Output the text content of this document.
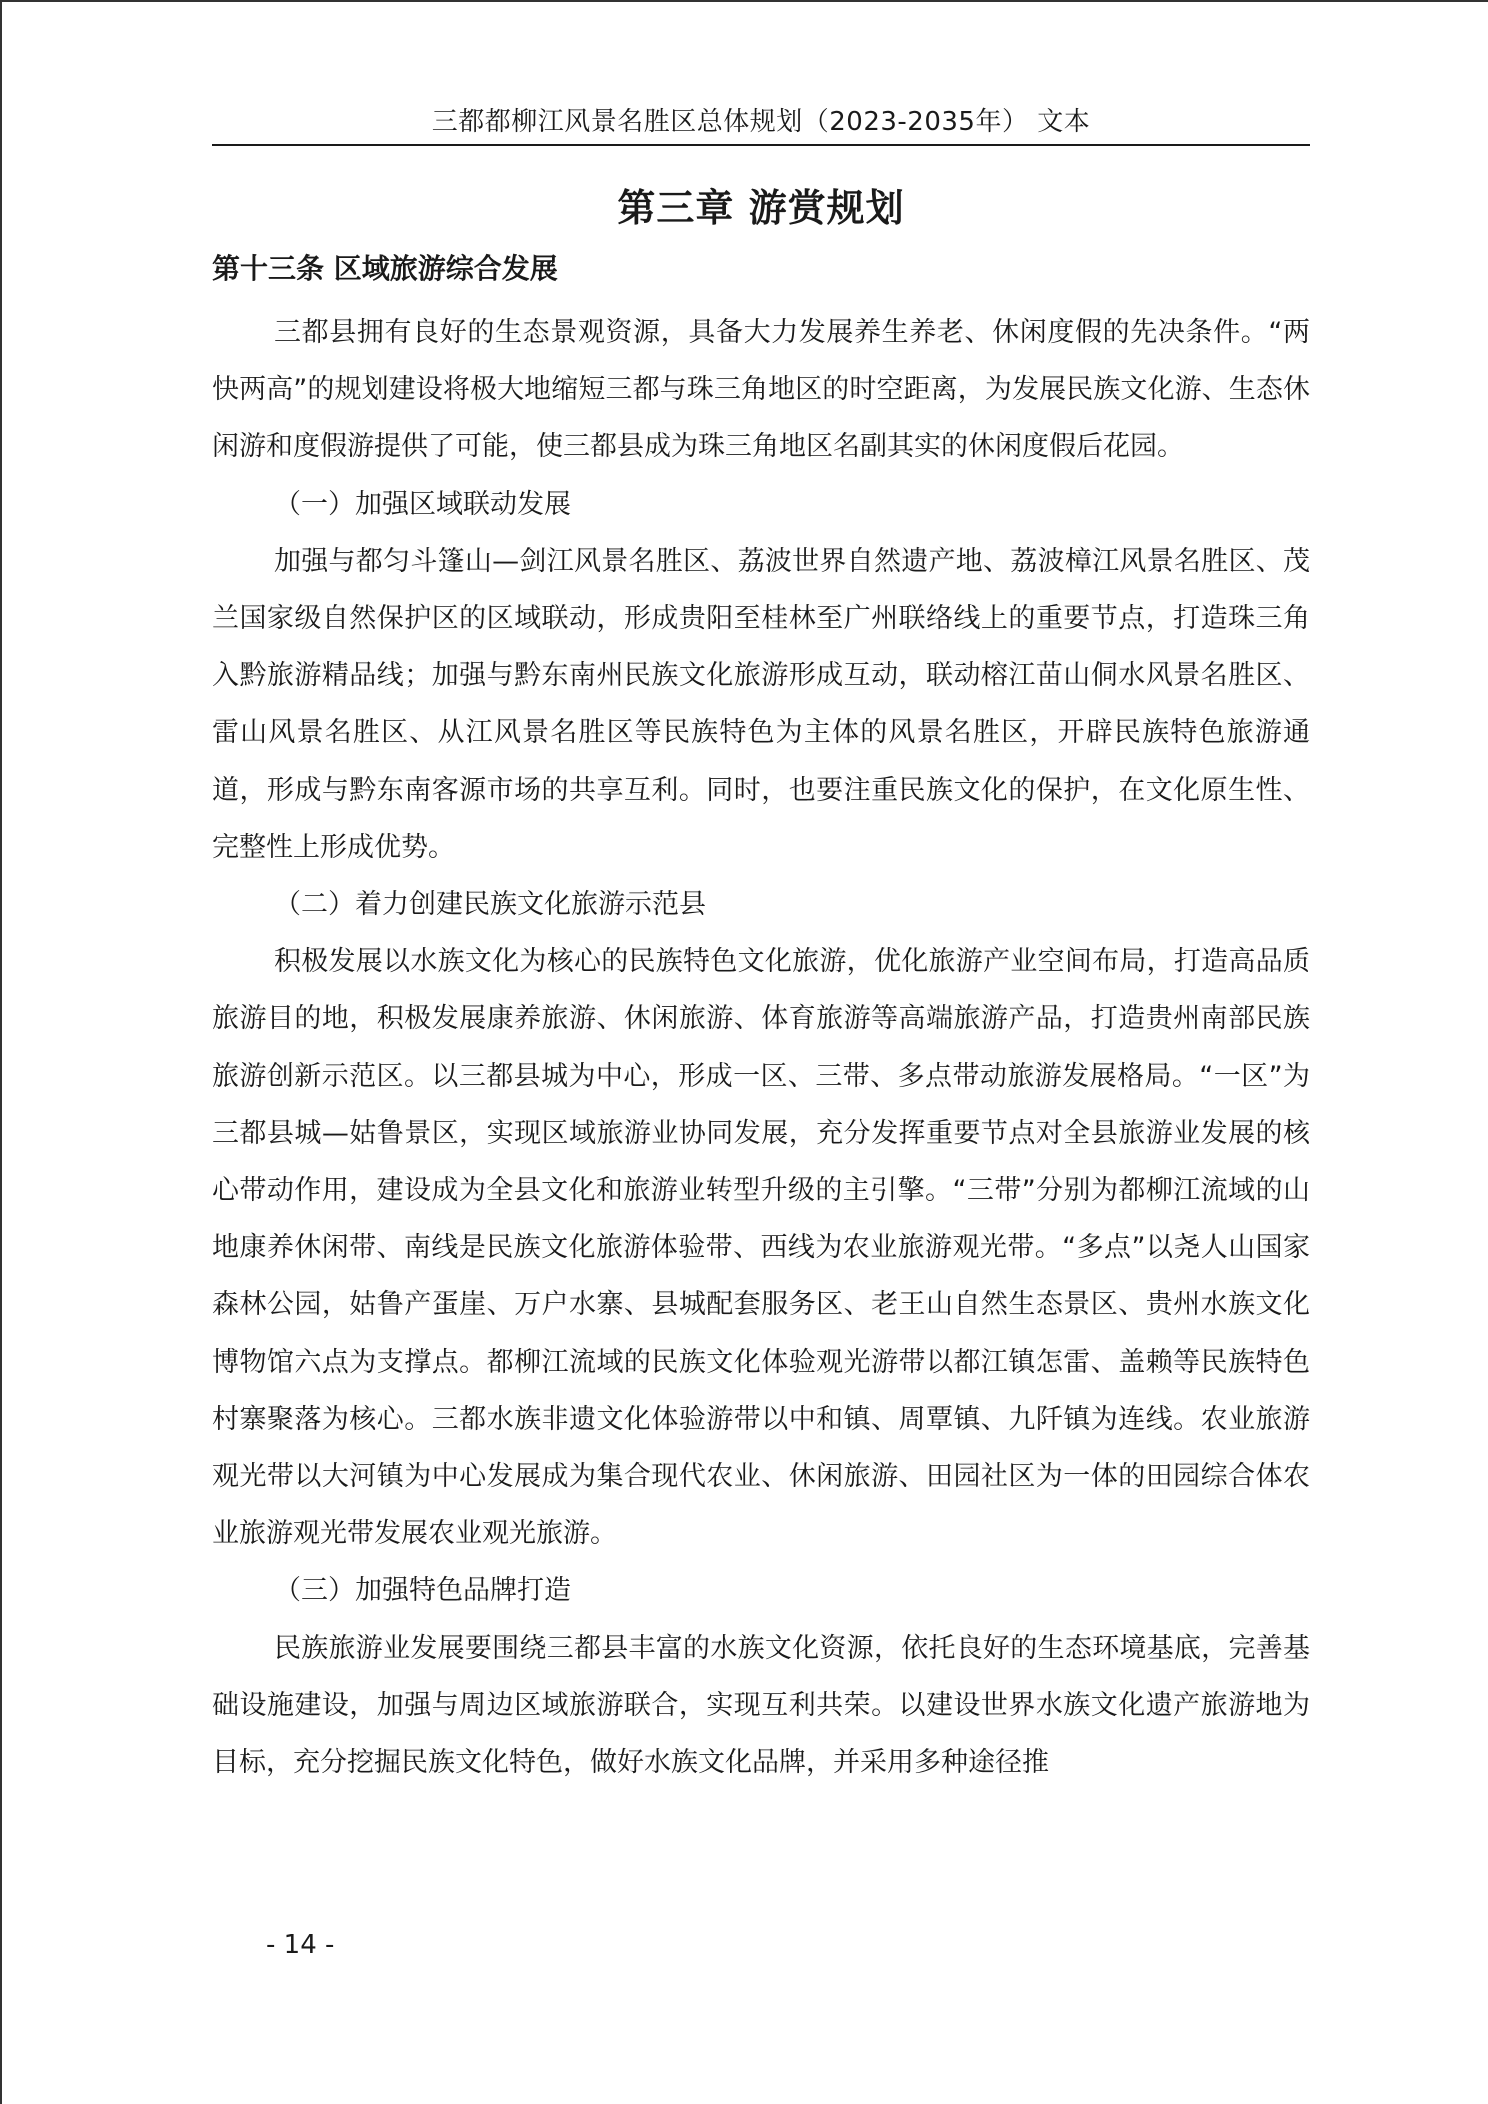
三都都柳江风景名胜区总体规划（2023-2035年） 文本
第三章 游赏规划
第十三条 区域旅游综合发展

三都县拥有良好的生态景观资源，具备大力发展养生养老、休闲度假的先决条件。“两快两高”的规划建设将极大地缩短三都与珠三角地区的时空距离，为发展民族文化游、生态休闲游和度假游提供了可能，使三都县成为珠三角地区名副其实的休闲度假后花园。

（一）加强区域联动发展

加强与都匀斗篷山—剑江风景名胜区、荔波世界自然遗产地、荔波樟江风景名胜区、茂兰国家级自然保护区的区域联动，形成贵阳至桂林至广州联络线上的重要节点，打造珠三角入黔旅游精品线；加强与黔东南州民族文化旅游形成互动，联动榕江苗山侗水风景名胜区、雷山风景名胜区、从江风景名胜区等民族特色为主体的风景名胜区，开辟民族特色旅游通道，形成与黔东南客源市场的共享互利。同时，也要注重民族文化的保护，在文化原生性、完整性上形成优势。

（二）着力创建民族文化旅游示范县

积极发展以水族文化为核心的民族特色文化旅游，优化旅游产业空间布局，打造高品质旅游目的地，积极发展康养旅游、休闲旅游、体育旅游等高端旅游产品，打造贵州南部民族旅游创新示范区。以三都县城为中心，形成一区、三带、多点带动旅游发展格局。“一区”为三都县城—姑鲁景区，实现区域旅游业协同发展，充分发挥重要节点对全县旅游业发展的核心带动作用，建设成为全县文化和旅游业转型升级的主引擎。“三带”分别为都柳江流域的山地康养休闲带、南线是民族文化旅游体验带、西线为农业旅游观光带。“多点”以尧人山国家森林公园，姑鲁产蛋崖、万户水寨、县城配套服务区、老王山自然生态景区、贵州水族文化博物馆六点为支撑点。都柳江流域的民族文化体验观光游带以都江镇怎雷、盖赖等民族特色村寨聚落为核心。三都水族非遗文化体验游带以中和镇、周覃镇、九阡镇为连线。农业旅游观光带以大河镇为中心发展成为集合现代农业、休闲旅游、田园社区为一体的田园综合体农业旅游观光带发展农业观光旅游。

（三）加强特色品牌打造

民族旅游业发展要围绕三都县丰富的水族文化资源，依托良好的生态环境基底，完善基础设施建设，加强与周边区域旅游联合，实现互利共荣。以建设世界水族文化遗产旅游地为目标，充分挖掘民族文化特色，做好水族文化品牌，并采用多种途径推

- 14 -
